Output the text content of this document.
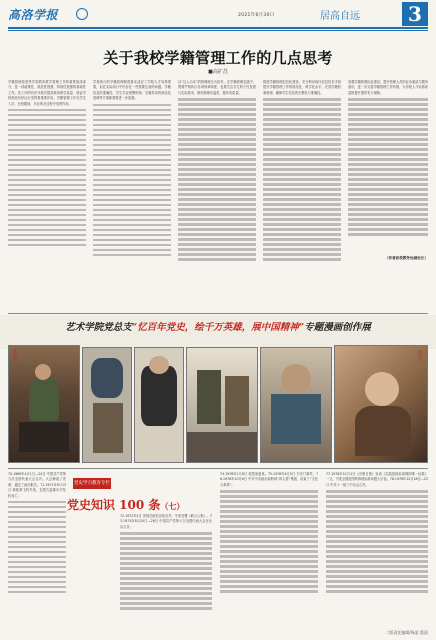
高洛学报	2021年6月30日	居高自远	3
关于我校学籍管理工作的几点思考
■高扩昌
学籍管理是高等学校教育教学管理工作的重要组成部分，是一项政策性、规范性很强、持续性很强的基础性工作。其工作的有序开展对提高教育教学质量、保证学校规范有序运行发挥着重要作用。学籍管理工作在学生入学、在校期间、毕业的全过程中发挥作用。
学校现行的学籍管理制度基本适应了学校人才培养需要，但在实际执行中仍存在一些需要注意的问题。学籍信息的准确性、学生学业预警机制、学籍异动的规范化管理等方面都需要进一步加强。
以“以人为本”的管理理念为指导，在学籍管理实践中，既要严格执行各项规章制度，也要关注学生的个性发展与实际需求，做到管理有温度、服务有质量。
推进学籍管理信息化建设，充分利用现代信息技术手段提升学籍管理工作的规范化、科学化水平。完善学籍档案管理，确保学生信息的完整性与准确性。
加强学籍管理队伍建设，提升管理人员的业务素质与服务意识，进一步完善学籍管理工作机制，为学校人才培养质量的提升提供有力保障。
（作者系校教务处副处长）
艺术学院党总支“忆百年党史，绘千万英雄，展中国精神”专题漫画创作展
董存瑞	刘胡兰
党史学习教育专栏
党史知识 100 条（七）
70.1969年4月1日—24日 中国共产党第九次全国代表大会召开。大会修改了党章，通过了政治报告。71.1971年9月13日 林彪乘飞机外逃，在蒙古温都尔汗坠机身亡。
72.1972年2月 美国总统尼克松访华，中美签署《联合公报》。73.1973年8月24日—28日 中国共产党第十次全国代表大会在北京召开。
74.1976年1月8日 周恩来逝世。75.1976年4月5日 天安门事件。76.1976年10月6日 中共中央政治局粉碎“四人帮”集团，结束了“文化大革命”。
77.1978年5月11日《光明日报》发表《实践是检验真理的唯一标准》一文，引发全国范围的真理标准问题大讨论。78.1978年12月18日—22日 中共十一届三中全会召开。
二版责任编辑/杨某 版面
